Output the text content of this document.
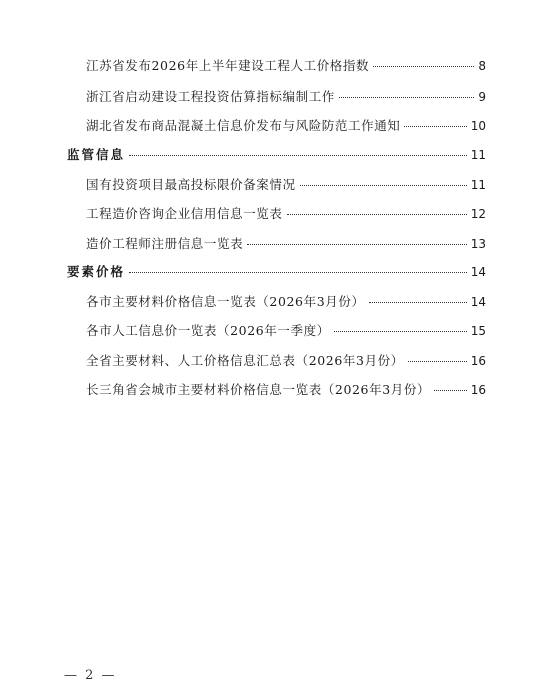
江苏省发布2026年上半年建设工程人工价格指数	8
浙江省启动建设工程投资估算指标编制工作	9
湖北省发布商品混凝土信息价发布与风险防范工作通知	10
监管信息	11
国有投资项目最高投标限价备案情况	11
工程造价咨询企业信用信息一览表	12
造价工程师注册信息一览表	13
要素价格	14
各市主要材料价格信息一览表（2026年3月份）	14
各市人工信息价一览表（2026年一季度）	15
全省主要材料、人工价格信息汇总表（2026年3月份）	16
长三角省会城市主要材料价格信息一览表（2026年3月份）	16
— 2 —
